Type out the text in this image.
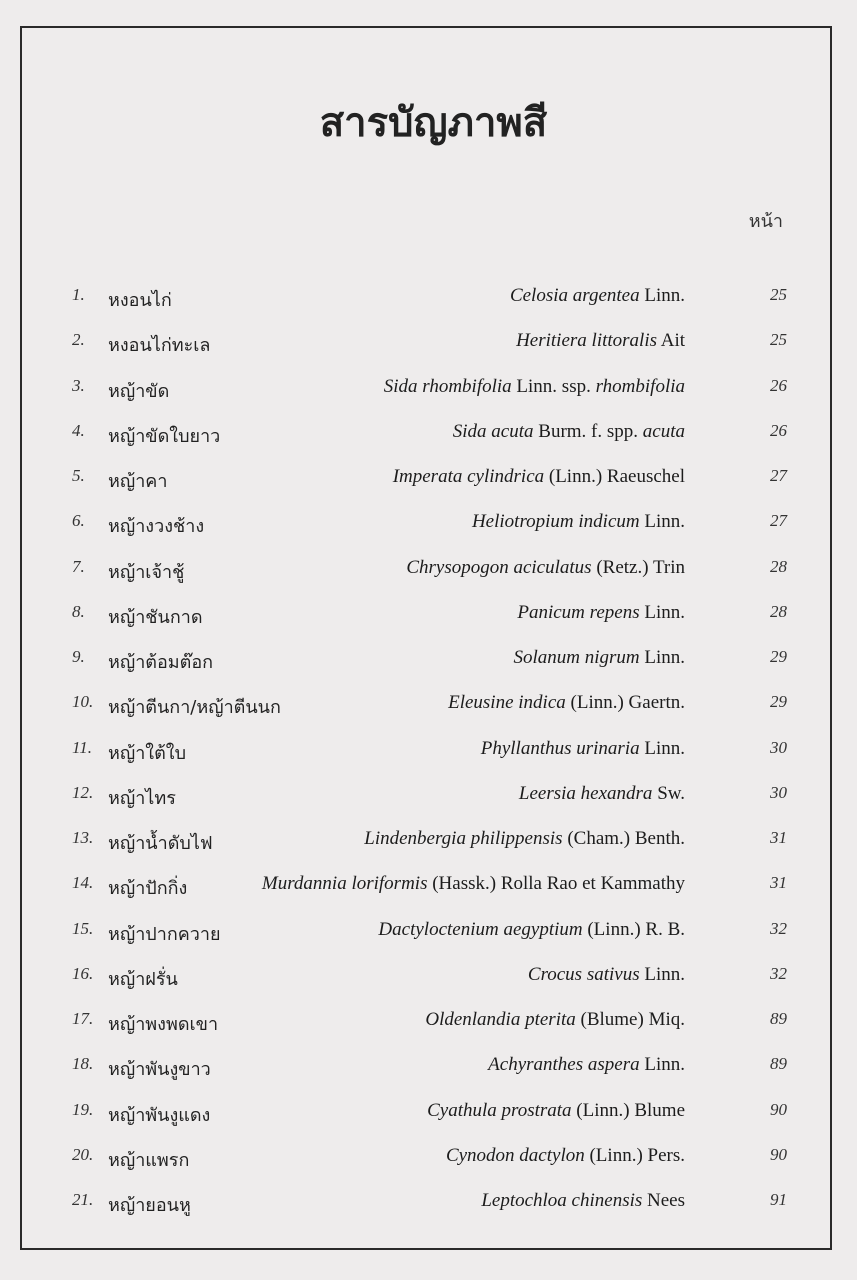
สารบัญภาพสี
หน้า
1.	หงอนไก่	Celosia argentea Linn.	25
2.	หงอนไก่ทะเล	Heritiera littoralis Ait	25
3.	หญ้าขัด	Sida rhombifolia Linn. ssp. rhombifolia	26
4.	หญ้าขัดใบยาว	Sida acuta Burm. f. spp. acuta	26
5.	หญ้าคา	Imperata cylindrica (Linn.) Raeuschel	27
6.	หญ้างวงช้าง	Heliotropium indicum Linn.	27
7.	หญ้าเจ้าชู้	Chrysopogon aciculatus (Retz.) Trin	28
8.	หญ้าชันกาด	Panicum repens Linn.	28
9.	หญ้าต้อมต๊อก	Solanum nigrum Linn.	29
10. หญ้าตีนกา/หญ้าตีนนก	Eleusine indica (Linn.) Gaertn.	29
11. หญ้าใต้ใบ	Phyllanthus urinaria Linn.	30
12. หญ้าไทร	Leersia hexandra Sw.	30
13. หญ้าน้ำดับไฟ	Lindenbergia philippensis (Cham.) Benth.	31
14. หญ้าปักกิ่ง	Murdannia loriformis (Hassk.) Rolla Rao et Kammathy	31
15. หญ้าปากควาย	Dactyloctenium aegyptium (Linn.) R. B.	32
16. หญ้าฝรั่น	Crocus sativus Linn.	32
17. หญ้าพงพดเขา	Oldenlandia pterita (Blume) Miq.	89
18. หญ้าพันงูขาว	Achyranthes aspera Linn.	89
19. หญ้าพันงูแดง	Cyathula prostrata (Linn.) Blume	90
20. หญ้าแพรก	Cynodon dactylon (Linn.) Pers.	90
21. หญ้ายอนหู	Leptochloa chinensis Nees	91
